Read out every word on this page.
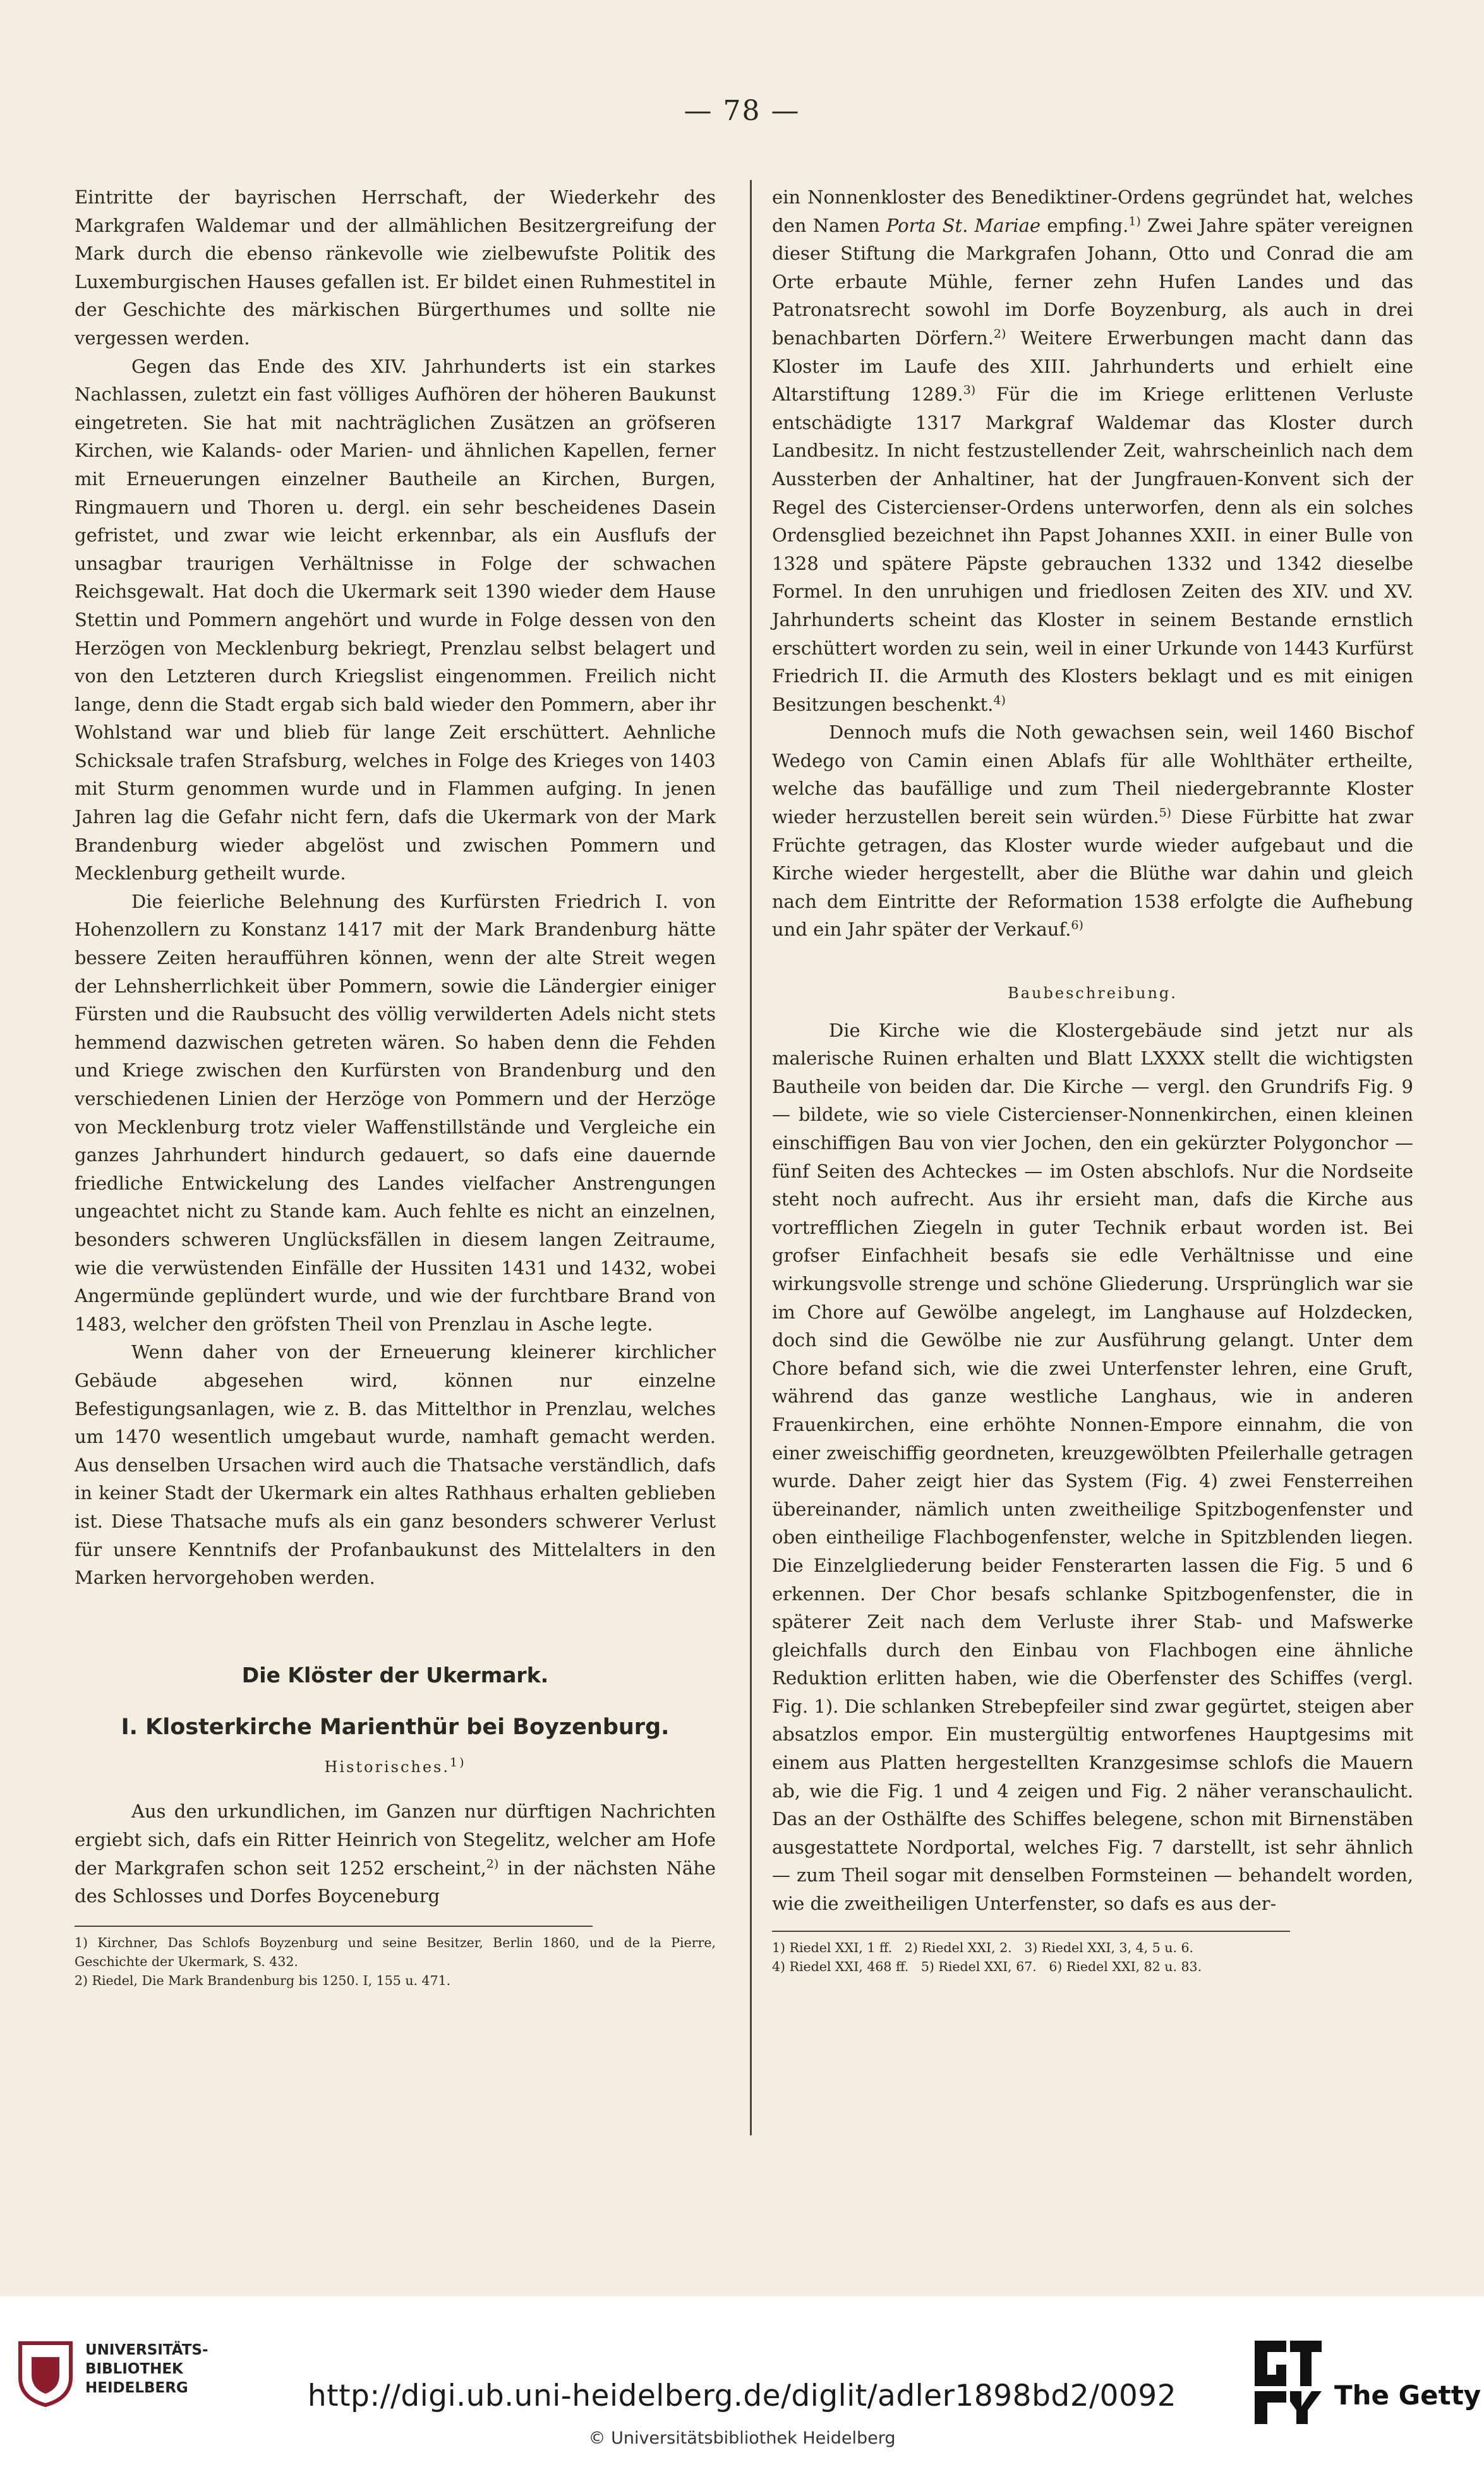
— 78 —

Eintritte der bayrischen Herrschaft, der Wiederkehr des Markgrafen Waldemar und der allmählichen Besitzergreifung der Mark durch die ebenso ränkevolle wie zielbewufste Politik des Luxemburgischen Hauses gefallen ist. Er bildet einen Ruhmestitel in der Geschichte des märkischen Bürgerthumes und sollte nie vergessen werden.

Gegen das Ende des XIV. Jahrhunderts ist ein starkes Nachlassen, zuletzt ein fast völliges Aufhören der höheren Baukunst eingetreten. Sie hat mit nachträglichen Zusätzen an gröfseren Kirchen, wie Kalands- oder Marien- und ähnlichen Kapellen, ferner mit Erneuerungen einzelner Bautheile an Kirchen, Burgen, Ringmauern und Thoren u. dergl. ein sehr bescheidenes Dasein gefristet, und zwar wie leicht erkennbar, als ein Ausflufs der unsagbar traurigen Verhältnisse in Folge der schwachen Reichsgewalt. Hat doch die Ukermark seit 1390 wieder dem Hause Stettin und Pommern angehört und wurde in Folge dessen von den Herzögen von Mecklenburg bekriegt, Prenzlau selbst belagert und von den Letzteren durch Kriegslist eingenommen. Freilich nicht lange, denn die Stadt ergab sich bald wieder den Pommern, aber ihr Wohlstand war und blieb für lange Zeit erschüttert. Aehnliche Schicksale trafen Strafsburg, welches in Folge des Krieges von 1403 mit Sturm genommen wurde und in Flammen aufging. In jenen Jahren lag die Gefahr nicht fern, dafs die Ukermark von der Mark Brandenburg wieder abgelöst und zwischen Pommern und Mecklenburg getheilt wurde.

Die feierliche Belehnung des Kurfürsten Friedrich I. von Hohenzollern zu Konstanz 1417 mit der Mark Brandenburg hätte bessere Zeiten heraufführen können, wenn der alte Streit wegen der Lehnsherrlichkeit über Pommern, sowie die Ländergier einiger Fürsten und die Raubsucht des völlig verwilderten Adels nicht stets hemmend dazwischen getreten wären. So haben denn die Fehden und Kriege zwischen den Kurfürsten von Brandenburg und den verschiedenen Linien der Herzöge von Pommern und der Herzöge von Mecklenburg trotz vieler Waffenstillstände und Vergleiche ein ganzes Jahrhundert hindurch gedauert, so dafs eine dauernde friedliche Entwickelung des Landes vielfacher Anstrengungen ungeachtet nicht zu Stande kam. Auch fehlte es nicht an einzelnen, besonders schweren Unglücksfällen in diesem langen Zeitraume, wie die verwüstenden Einfälle der Hussiten 1431 und 1432, wobei Angermünde geplündert wurde, und wie der furchtbare Brand von 1483, welcher den gröfsten Theil von Prenzlau in Asche legte.

Wenn daher von der Erneuerung kleinerer kirchlicher Gebäude abgesehen wird, können nur einzelne Befestigungsanlagen, wie z. B. das Mittelthor in Prenzlau, welches um 1470 wesentlich umgebaut wurde, namhaft gemacht werden. Aus denselben Ursachen wird auch die Thatsache verständlich, dafs in keiner Stadt der Ukermark ein altes Rathhaus erhalten geblieben ist. Diese Thatsache mufs als ein ganz besonders schwerer Verlust für unsere Kenntnifs der Profanbaukunst des Mittelalters in den Marken hervorgehoben werden.

Die Klöster der Ukermark.

I. Klosterkirche Marienthür bei Boyzenburg.

Historisches.$^{1)}$

Aus den urkundlichen, im Ganzen nur dürftigen Nachrichten ergiebt sich, dafs ein Ritter Heinrich von Stegelitz, welcher am Hofe der Markgrafen schon seit 1252 erscheint,$^{2)}$ in der nächsten Nähe des Schlosses und Dorfes Boyceneburg

1) Kirchner, Das Schlofs Boyzenburg und seine Besitzer, Berlin 1860, und de la Pierre, Geschichte der Ukermark, S. 432.

2) Riedel, Die Mark Brandenburg bis 1250. I, 155 u. 471.

ein Nonnenkloster des Benediktiner-Ordens gegründet hat, welches den Namen Porta St. Mariae empfing.$^{1)}$ Zwei Jahre später vereignen dieser Stiftung die Markgrafen Johann, Otto und Conrad die am Orte erbaute Mühle, ferner zehn Hufen Landes und das Patronatsrecht sowohl im Dorfe Boyzenburg, als auch in drei benachbarten Dörfern.$^{2)}$ Weitere Erwerbungen macht dann das Kloster im Laufe des XIII. Jahrhunderts und erhielt eine Altarstiftung 1289.$^{3)}$ Für die im Kriege erlittenen Verluste entschädigte 1317 Markgraf Waldemar das Kloster durch Landbesitz. In nicht festzustellender Zeit, wahrscheinlich nach dem Aussterben der Anhaltiner, hat der Jungfrauen-Konvent sich der Regel des Cistercienser-Ordens unterworfen, denn als ein solches Ordensglied bezeichnet ihn Papst Johannes XXII. in einer Bulle von 1328 und spätere Päpste gebrauchen 1332 und 1342 dieselbe Formel. In den unruhigen und friedlosen Zeiten des XIV. und XV. Jahrhunderts scheint das Kloster in seinem Bestande ernstlich erschüttert worden zu sein, weil in einer Urkunde von 1443 Kurfürst Friedrich II. die Armuth des Klosters beklagt und es mit einigen Besitzungen beschenkt.$^{4)}$

Dennoch mufs die Noth gewachsen sein, weil 1460 Bischof Wedego von Camin einen Ablafs für alle Wohlthäter ertheilte, welche das baufällige und zum Theil niedergebrannte Kloster wieder herzustellen bereit sein würden.$^{5)}$ Diese Fürbitte hat zwar Früchte getragen, das Kloster wurde wieder aufgebaut und die Kirche wieder hergestellt, aber die Blüthe war dahin und gleich nach dem Eintritte der Reformation 1538 erfolgte die Aufhebung und ein Jahr später der Verkauf.$^{6)}$

Baubeschreibung.

Die Kirche wie die Klostergebäude sind jetzt nur als malerische Ruinen erhalten und Blatt LXXXX stellt die wichtigsten Bautheile von beiden dar. Die Kirche — vergl. den Grundrifs Fig. 9 — bildete, wie so viele Cistercienser-Nonnenkirchen, einen kleinen einschiffigen Bau von vier Jochen, den ein gekürzter Polygonchor — fünf Seiten des Achteckes — im Osten abschlofs. Nur die Nordseite steht noch aufrecht. Aus ihr ersieht man, dafs die Kirche aus vortrefflichen Ziegeln in guter Technik erbaut worden ist. Bei grofser Einfachheit besafs sie edle Verhältnisse und eine wirkungsvolle strenge und schöne Gliederung. Ursprünglich war sie im Chore auf Gewölbe angelegt, im Langhause auf Holzdecken, doch sind die Gewölbe nie zur Ausführung gelangt. Unter dem Chore befand sich, wie die zwei Unterfenster lehren, eine Gruft, während das ganze westliche Langhaus, wie in anderen Frauenkirchen, eine erhöhte Nonnen-Empore einnahm, die von einer zweischiffig geordneten, kreuzgewölbten Pfeilerhalle getragen wurde. Daher zeigt hier das System (Fig. 4) zwei Fensterreihen übereinander, nämlich unten zweitheilige Spitzbogenfenster und oben eintheilige Flachbogenfenster, welche in Spitzblenden liegen. Die Einzelgliederung beider Fensterarten lassen die Fig. 5 und 6 erkennen. Der Chor besafs schlanke Spitzbogenfenster, die in späterer Zeit nach dem Verluste ihrer Stab- und Mafswerke gleichfalls durch den Einbau von Flachbogen eine ähnliche Reduktion erlitten haben, wie die Oberfenster des Schiffes (vergl. Fig. 1). Die schlanken Strebepfeiler sind zwar gegürtet, steigen aber absatzlos empor. Ein mustergültig entworfenes Hauptgesims mit einem aus Platten hergestellten Kranzgesimse schlofs die Mauern ab, wie die Fig. 1 und 4 zeigen und Fig. 2 näher veranschaulicht. Das an der Osthälfte des Schiffes belegene, schon mit Birnenstäben ausgestattete Nordportal, welches Fig. 7 darstellt, ist sehr ähnlich — zum Theil sogar mit denselben Formsteinen — behandelt worden, wie die zweitheiligen Unterfenster, so dafs es aus der-

1) Riedel XXI, 1 ff.   2) Riedel XXI, 2.   3) Riedel XXI, 3, 4, 5 u. 6.

4) Riedel XXI, 468 ff.   5) Riedel XXI, 67.   6) Riedel XXI, 82 u. 83.

UNIVERSITÄTS-
BIBLIOTHEK
HEIDELBERG	http://digi.ub.uni-heidelberg.de/diglit/adler1898bd2/0092
© Universitätsbibliothek Heidelberg
The Getty
